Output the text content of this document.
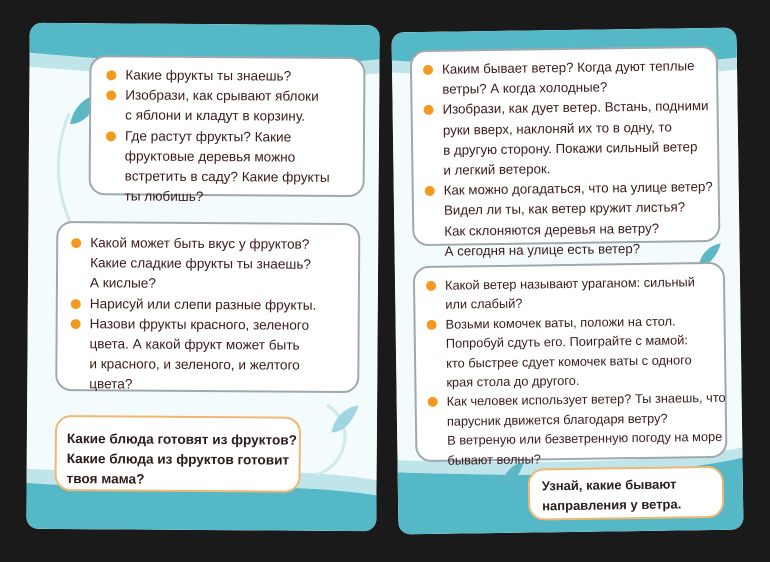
Какие фрукты ты знаешь?
Изобрази, как срывают яблоки
с яблони и кладут в корзину.
Где растут фрукты? Какие
фруктовые деревья можно
встретить в саду? Какие фрукты
ты любишь?
Какой может быть вкус у фруктов?
Какие сладкие фрукты ты знаешь?
А кислые?
Нарисуй или слепи разные фрукты.
Назови фрукты красного, зеленого
цвета. А какой фрукт может быть
и красного, и зеленого, и желтого
цвета?
Какие блюда готовят из фруктов?
Какие блюда из фруктов готовит
твоя мама?
Каким бывает ветер? Когда дуют теплые
ветры? А когда холодные?
Изобрази, как дует ветер. Встань, подними
руки вверх, наклоняй их то в одну, то
в другую сторону. Покажи сильный ветер
и легкий ветерок.
Как можно догадаться, что на улице ветер?
Видел ли ты, как ветер кружит листья?
Как склоняются деревья на ветру?
А сегодня на улице есть ветер?
Какой ветер называют ураганом: сильный
или слабый?
Возьми комочек ваты, положи на стол.
Попробуй сдуть его. Поиграйте с мамой:
кто быстрее сдует комочек ваты с одного
края стола до другого.
Как человек использует ветер? Ты знаешь, что
парусник движется благодаря ветру?
В ветреную или безветренную погоду на море
бывают волны?
Узнай, какие бывают
направления у ветра.
